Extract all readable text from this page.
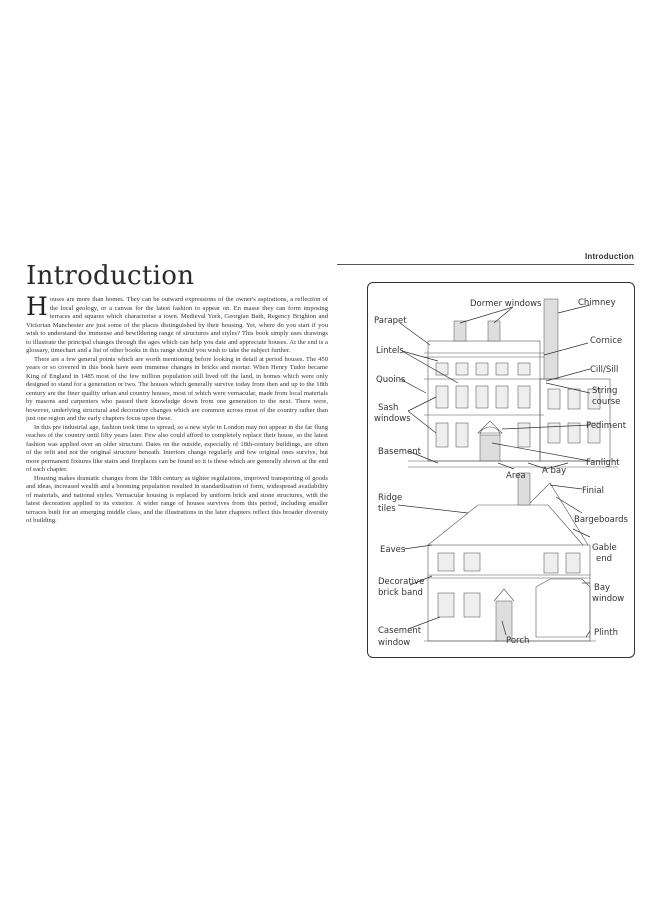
Introduction
Introduction

Houses are more than homes. They can be outward expressions of the owner's aspirations, a reflection of the local geology, or a canvas for the latest fashion to appear on. En masse they can form imposing terraces and squares which characterise a town. Medieval York, Georgian Bath, Regency Brighton and Victorian Manchester are just some of the places distinguished by their housing. Yet, where do you start if you wish to understand the immense and bewildering range of structures and styles? This book simply uses drawings to illustrate the principal changes through the ages which can help you date and appreciate houses. At the end is a glossary, timechart and a list of other books in this range should you wish to take the subject further.

There are a few general points which are worth mentioning before looking in detail at period houses. The 450 years or so covered in this book have seen immense changes in bricks and mortar. When Henry Tudor became King of England in 1485 most of the few million population still lived off the land, in homes which were only designed to stand for a generation or two. The houses which generally survive today from then and up to the 18th century are the finer quality urban and country houses, most of which were vernacular, made from local materials by masons and carpenters who passed their knowledge down from one generation to the next. There were, however, underlying structural and decorative changes which are common across most of the country rather than just one region and the early chapters focus upon these.

In this pre industrial age, fashion took time to spread, so a new style in London may not appear in the far flung reaches of the country until fifty years later. Few also could afford to completely replace their house, so the latest fashion was applied over an older structure. Dates on the outside, especially of 18th-century buildings, are often of the refit and not the original structure beneath. Interiors change regularly and few original ones survive, but more permanent fixtures like stairs and fireplaces can be found so it is these which are generally shown at the end of each chapter.

Housing makes dramatic changes from the 18th century as tighter regulations, improved transporting of goods and ideas, increased wealth and a booming population resulted in standardisation of form, widespread availability of materials, and national styles. Vernacular housing is replaced by uniform brick and stone structures, with the latest decoration applied to its exterior. A wider range of houses survives from this period, including smaller terraces built for an emerging middle class, and the illustrations in the later chapters reflect this broader diversity of building.

Dormer windows	Chimney
Parapet
Cornice
Lintels
Cill/Sill
Quoins
String
course
Sash
windows
Pediment
Basement
Fanlight
Area A bay
Ridge
tiles
Finial
Bargeboards
Eaves	Gable
end
Decorative
brick band	Bay
window
Casement
window	Porch
Plinth
